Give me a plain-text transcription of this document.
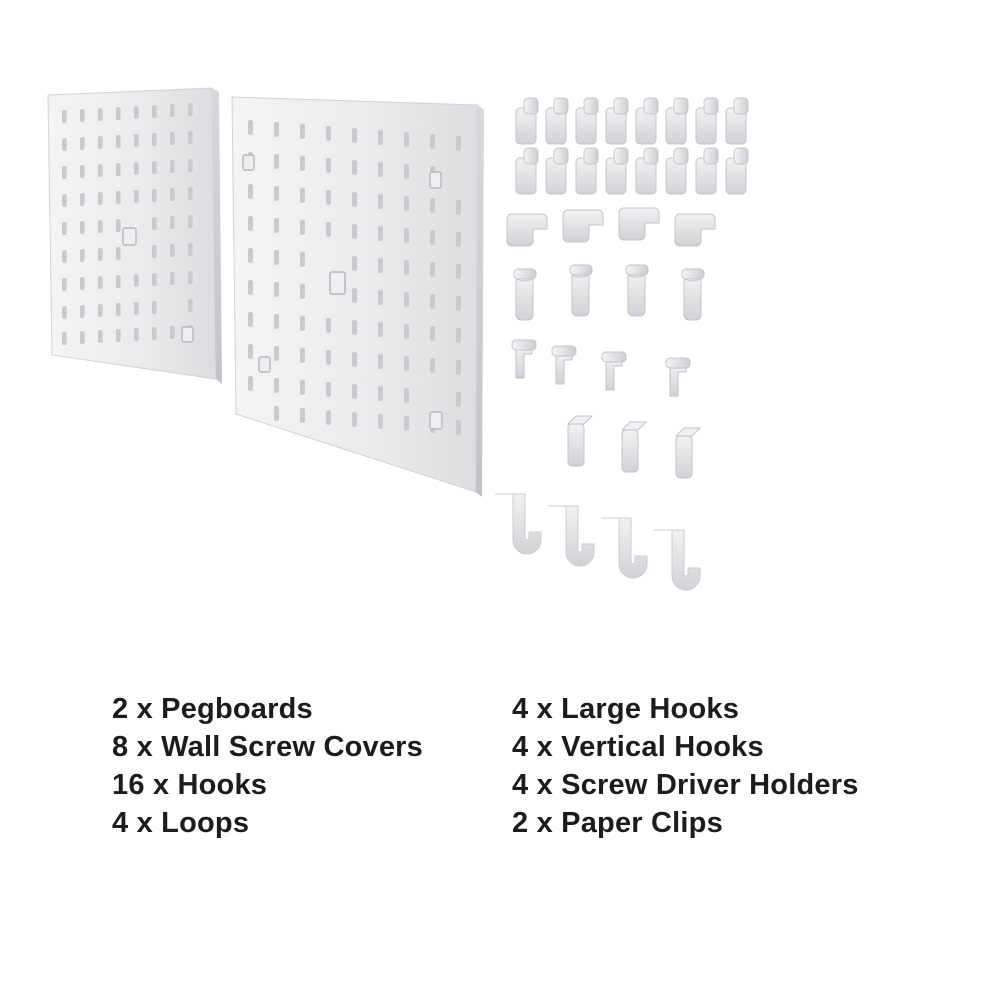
2 x Pegboards
8 x Wall Screw Covers
16 x Hooks
4 x Loops
4 x Large Hooks
4 x Vertical Hooks
4 x Screw Driver Holders
2 x Paper Clips
